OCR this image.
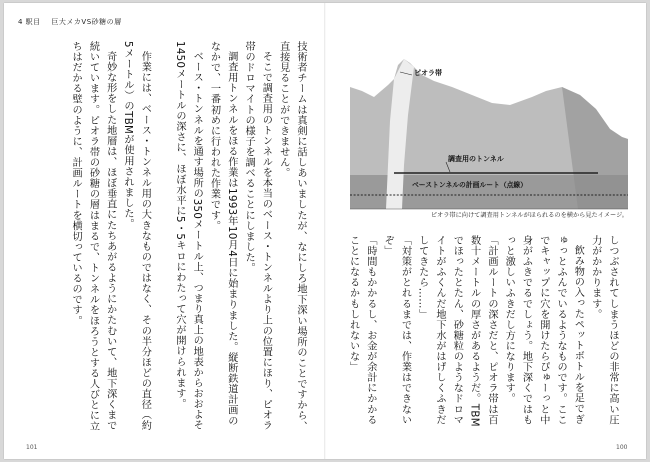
4 駅目 巨大メカVS砂糖の層

技術者チームは真剣に話しあいましたが、なにしろ地下深い場所のことですから、直接見ることができません。

そこで調査用のトンネルを本当のベース・トンネルより上の位置にほり、ピオラ帯のドロマイトの様子を調べることにしました。

調査用トンネルをほる作業は1993年10月4日に始まりました。縦断鉄道計画のなかで、一番初めに行われた作業です。

ベース・トンネルを通す場所の350メートル上、つまり真上の地表からおおよそ1450メートルの深さに、ほぼ水平に5・5キロにわたって穴が開けられます。

作業には、ベース・トンネル用の大きなものではなく、その半分ほどの直径（約5メートル）のTBMが使用されました。

奇妙な形をした地層は、ほぼ垂直にたちあがるようにかたむいて、地下深くまで続いています。ピオラ帯の砂糖の層はまるで、トンネルをほろうとする人びとに立ちはだかる壁のように、計画ルートを横切っているのです。	ピオラ帯
調査用のトンネル
ベーストンネルの計画ルート（点線）
ピオラ帯に向けて調査用トンネルがほられるのを横から見たイメージ。

しつぶされてしまうほどの非常に高い圧力がかかります。

飲み物の入ったペットボトルを足でぎゅっとふんでいるようなものです。ここでキャップに穴を開けたらぴゅーっと中身がふきでるでしょう。地下深くではもっと激しいふきだし方になります。

「計画ルートの深さだと、ピオラ帯は百数十メートルの厚さがあるようだ。TBMでほったとたん、砂糖粒のようなドロマイトがふくんだ地下水がはげしくふきだしてきたら……」

「対策がとれるまでは、作業はできないぞ」

「時間もかかるし、お金が余計にかかることになるかもしれないな」

101	100
